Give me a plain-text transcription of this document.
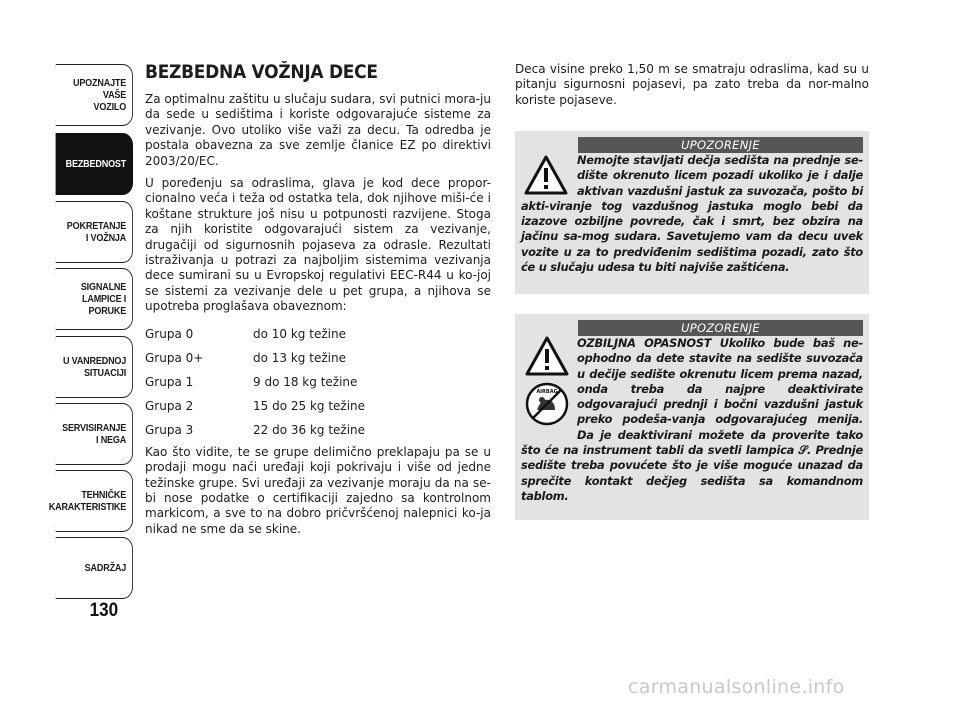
UPOZNAJTE
VAŠE
VOZILO
BEZBEDNOST
POKRETANJE
I VOŽNJA
SIGNALNE
LAMPICE I PORUKE
U VANREDNOJ
SITUACIJI
SERVISIRANJE
I NEGA
TEHNIČKE
KARAKTERISTIKE
SADRŽAJ
130
BEZBEDNA VOŽNJA DECE

Za optimalnu zaštitu u slučaju sudara, svi putnici mora-ju da sede u sedištima i koriste odgovarajuće sisteme za vezivanje. Ovo utoliko više važi za decu. Ta odredba je postala obavezna za sve zemlje članice EZ po direktivi 2003/20/EC.

U poređenju sa odraslima, glava je kod dece propor-cionalno veća i teža od ostatka tela, dok njihove miši-će i koštane strukture još nisu u potpunosti razvijene. Stoga za njih koristite odgovarajući sistem za vezivanje, drugačiji od sigurnosnih pojaseva za odrasle. Rezultati istraživanja u potrazi za najboljim sistemima vezivanja dece sumirani su u Evropskoj regulativi EEC-R44 u ko-joj se sistemi za vezivanje dele u pet grupa, a njihova se upotreba proglašava obaveznom:

Grupa 0	do 10 kg težine
Grupa 0+	do 13 kg težine
Grupa 1	9 do 18 kg težine
Grupa 2	15 do 25 kg težine
Grupa 3	22 do 36 kg težine

Kao što vidite, te se grupe delimično preklapaju pa se u prodaji mogu naći uređaji koji pokrivaju i više od jedne težinske grupe. Svi uređaji za vezivanje moraju da na se-bi nose podatke o certifikaciji zajedno sa kontrolnom markicom, a sve to na dobro pričvršćenoj nalepnici ko-ja nikad ne sme da se skine.

Deca visine preko 1,50 m se smatraju odraslima, kad su u pitanju sigurnosni pojasevi, pa zato treba da nor-malno koriste pojaseve.

UPOZORENJE
Nemojte stavljati dečja sedišta na prednje se-dište okrenuto licem pozadi ukoliko je i dalje aktivan vazdušni jastuk za suvozača, pošto bi akti-viranje tog vazdušnog jastuka moglo bebi da izazove ozbiljne povrede, čak i smrt, bez obzira na jačinu sa-mog sudara. Savetujemo vam da decu uvek vozite u za to predviđenim sedištima pozadi, zato što će u slučaju udesa tu biti najviše zaštićena.
UPOZORENJE
AIRBAG
OZBILJNA OPASNOST Ukoliko bude baš ne-ophodno da dete stavite na sedište suvozača u dečije sedište okrenutu licem prema nazad, onda treba da najpre deaktivirate odgovarajući prednji i bočni vazdušni jastuk preko podeša-vanja odgovarajućeg menija. Da je deaktivirani možete da proverite tako što će na instrument tabli da svetli lampica 𝒮. Prednje sedište treba povućete što je više moguće unazad da sprečite kontakt dečjeg sedišta sa komandnom tablom.
carmanualsonline.info
